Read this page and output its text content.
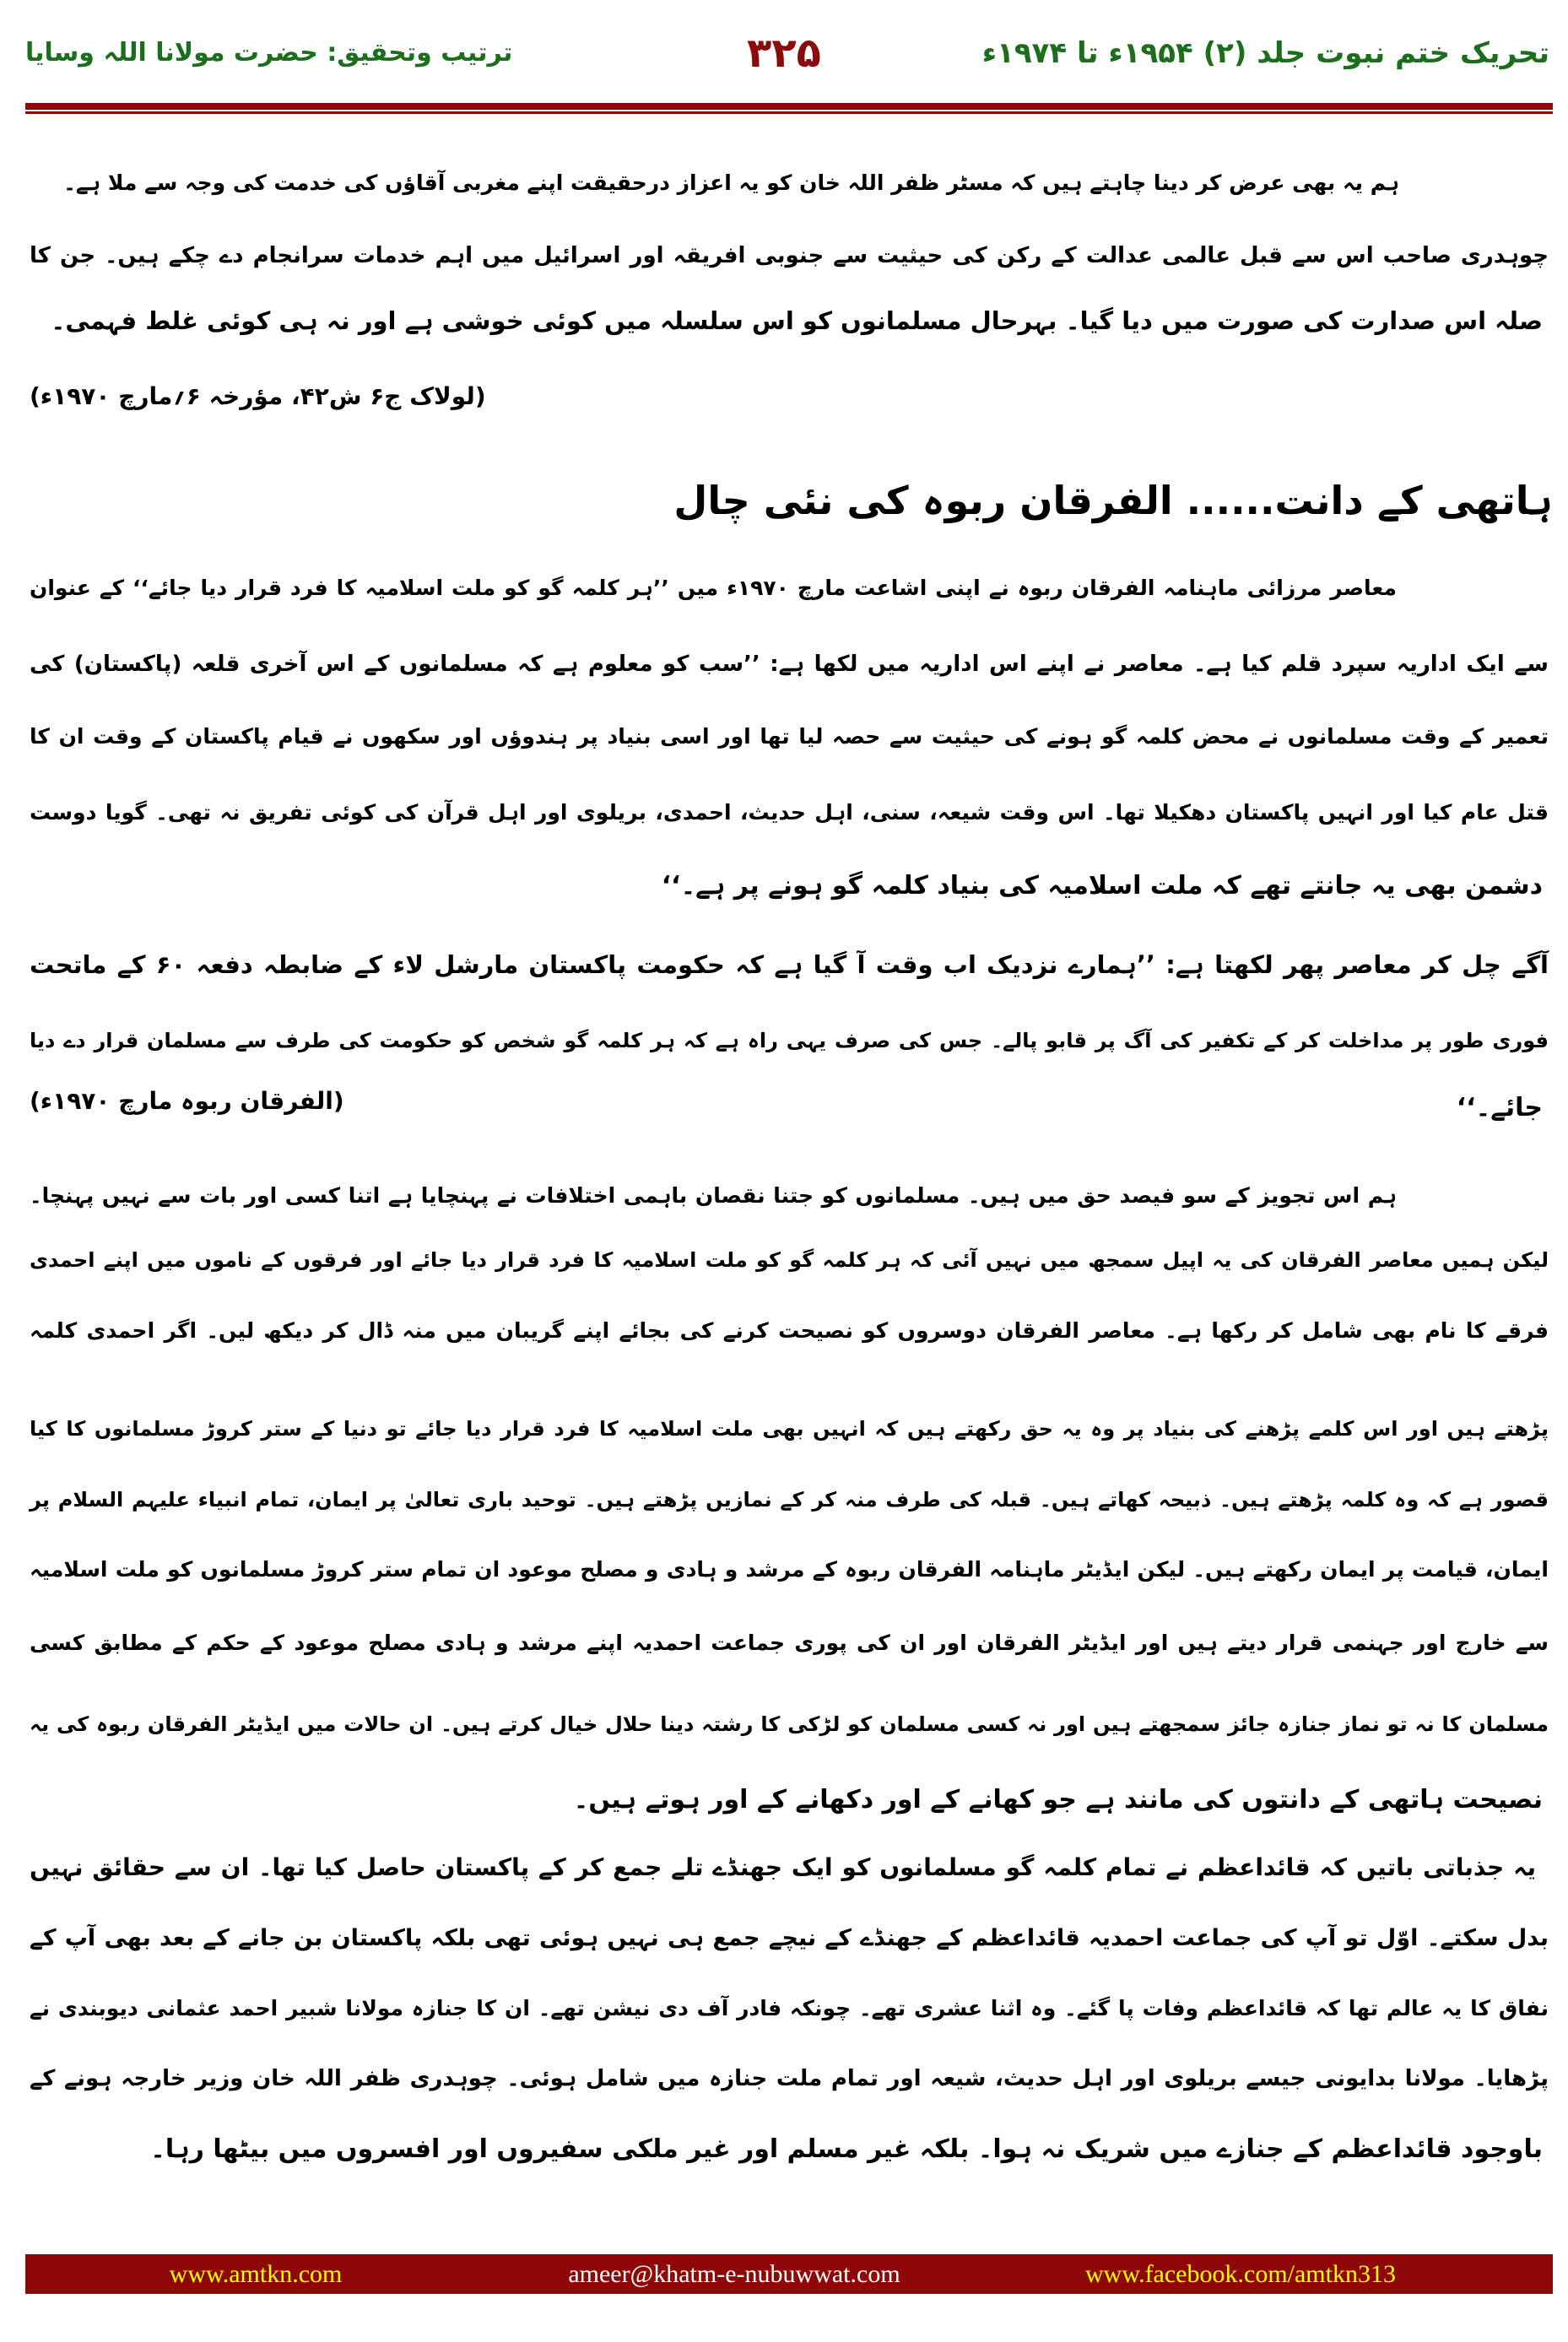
تحریک ختم نبوت جلد (۲) ۱۹۵۴ء تا ۱۹۷۴ء
۳۲۵
ترتیب وتحقیق: حضرت مولانا اللہ وسایا
ہم یہ بھی عرض کر دینا چاہتے ہیں کہ مسٹر ظفر اللہ خان کو یہ اعزاز درحقیقت اپنے مغربی آقاؤں کی خدمت کی وجہ سے ملا ہے۔
چوہدری صاحب اس سے قبل عالمی عدالت کے رکن کی حیثیت سے جنوبی افریقہ اور اسرائیل میں اہم خدمات سرانجام دے چکے ہیں۔ جن کا
صلہ اس صدارت کی صورت میں دیا گیا۔ بہرحال مسلمانوں کو اس سلسلہ میں کوئی خوشی ہے اور نہ ہی کوئی غلط فہمی۔
(لولاک ج۶ ش۴۲، مؤرخہ ۶؍مارچ ۱۹۷۰ء)
ہاتھی کے دانت...... الفرقان ربوہ کی نئی چال
معاصر مرزائی ماہنامہ الفرقان ربوہ نے اپنی اشاعت مارچ ۱۹۷۰ء میں ’’ہر کلمہ گو کو ملت اسلامیہ کا فرد قرار دیا جائے‘‘ کے عنوان
سے ایک اداریہ سپرد قلم کیا ہے۔ معاصر نے اپنے اس اداریہ میں لکھا ہے: ’’سب کو معلوم ہے کہ مسلمانوں کے اس آخری قلعہ (پاکستان) کی
تعمیر کے وقت مسلمانوں نے محض کلمہ گو ہونے کی حیثیت سے حصہ لیا تھا اور اسی بنیاد پر ہندوؤں اور سکھوں نے قیام پاکستان کے وقت ان کا
قتل عام کیا اور انہیں پاکستان دھکیلا تھا۔ اس وقت شیعہ، سنی، اہل حدیث، احمدی، بریلوی اور اہل قرآن کی کوئی تفریق نہ تھی۔ گویا دوست
دشمن بھی یہ جانتے تھے کہ ملت اسلامیہ کی بنیاد کلمہ گو ہونے پر ہے۔‘‘
آگے چل کر معاصر پھر لکھتا ہے: ’’ہمارے نزدیک اب وقت آ گیا ہے کہ حکومت پاکستان مارشل لاء کے ضابطہ دفعہ ۶۰ کے ماتحت
فوری طور پر مداخلت کر کے تکفیر کی آگ پر قابو پالے۔ جس کی صرف یہی راہ ہے کہ ہر کلمہ گو شخص کو حکومت کی طرف سے مسلمان قرار دے دیا
جائے۔‘‘
(الفرقان ربوہ مارچ ۱۹۷۰ء)
ہم اس تجویز کے سو فیصد حق میں ہیں۔ مسلمانوں کو جتنا نقصان باہمی اختلافات نے پہنچایا ہے اتنا کسی اور بات سے نہیں پہنچا۔
لیکن ہمیں معاصر الفرقان کی یہ اپیل سمجھ میں نہیں آئی کہ ہر کلمہ گو کو ملت اسلامیہ کا فرد قرار دیا جائے اور فرقوں کے ناموں میں اپنے احمدی
فرقے کا نام بھی شامل کر رکھا ہے۔ معاصر الفرقان دوسروں کو نصیحت کرنے کی بجائے اپنے گریبان میں منہ ڈال کر دیکھ لیں۔ اگر احمدی کلمہ
پڑھتے ہیں اور اس کلمے پڑھنے کی بنیاد پر وہ یہ حق رکھتے ہیں کہ انہیں بھی ملت اسلامیہ کا فرد قرار دیا جائے تو دنیا کے ستر کروڑ مسلمانوں کا کیا
قصور ہے کہ وہ کلمہ پڑھتے ہیں۔ ذبیحہ کھاتے ہیں۔ قبلہ کی طرف منہ کر کے نمازیں پڑھتے ہیں۔ توحید باری تعالیٰ پر ایمان، تمام انبیاء علیہم السلام پر
ایمان، قیامت پر ایمان رکھتے ہیں۔ لیکن ایڈیٹر ماہنامہ الفرقان ربوہ کے مرشد و ہادی و مصلح موعود ان تمام ستر کروڑ مسلمانوں کو ملت اسلامیہ
سے خارج اور جہنمی قرار دیتے ہیں اور ایڈیٹر الفرقان اور ان کی پوری جماعت احمدیہ اپنے مرشد و ہادی مصلح موعود کے حکم کے مطابق کسی
مسلمان کا نہ تو نماز جنازہ جائز سمجھتے ہیں اور نہ کسی مسلمان کو لڑکی کا رشتہ دینا حلال خیال کرتے ہیں۔ ان حالات میں ایڈیٹر الفرقان ربوہ کی یہ
نصیحت ہاتھی کے دانتوں کی مانند ہے جو کھانے کے اور دکھانے کے اور ہوتے ہیں۔
یہ جذباتی باتیں کہ قائداعظم نے تمام کلمہ گو مسلمانوں کو ایک جھنڈے تلے جمع کر کے پاکستان حاصل کیا تھا۔ ان سے حقائق نہیں
بدل سکتے۔ اوّل تو آپ کی جماعت احمدیہ قائداعظم کے جھنڈے کے نیچے جمع ہی نہیں ہوئی تھی بلکہ پاکستان بن جانے کے بعد بھی آپ کے
نفاق کا یہ عالم تھا کہ قائداعظم وفات پا گئے۔ وہ اثنا عشری تھے۔ چونکہ فادر آف دی نیشن تھے۔ ان کا جنازہ مولانا شبیر احمد عثمانی دیوبندی نے
پڑھایا۔ مولانا بدایونی جیسے بریلوی اور اہل حدیث، شیعہ اور تمام ملت جنازہ میں شامل ہوئی۔ چوہدری ظفر اللہ خان وزیر خارجہ ہونے کے
باوجود قائداعظم کے جنازے میں شریک نہ ہوا۔ بلکہ غیر مسلم اور غیر ملکی سفیروں اور افسروں میں بیٹھا رہا۔
www.amtkn.com	ameer@khatm-e-nubuwwat.com	www.facebook.com/amtkn313
